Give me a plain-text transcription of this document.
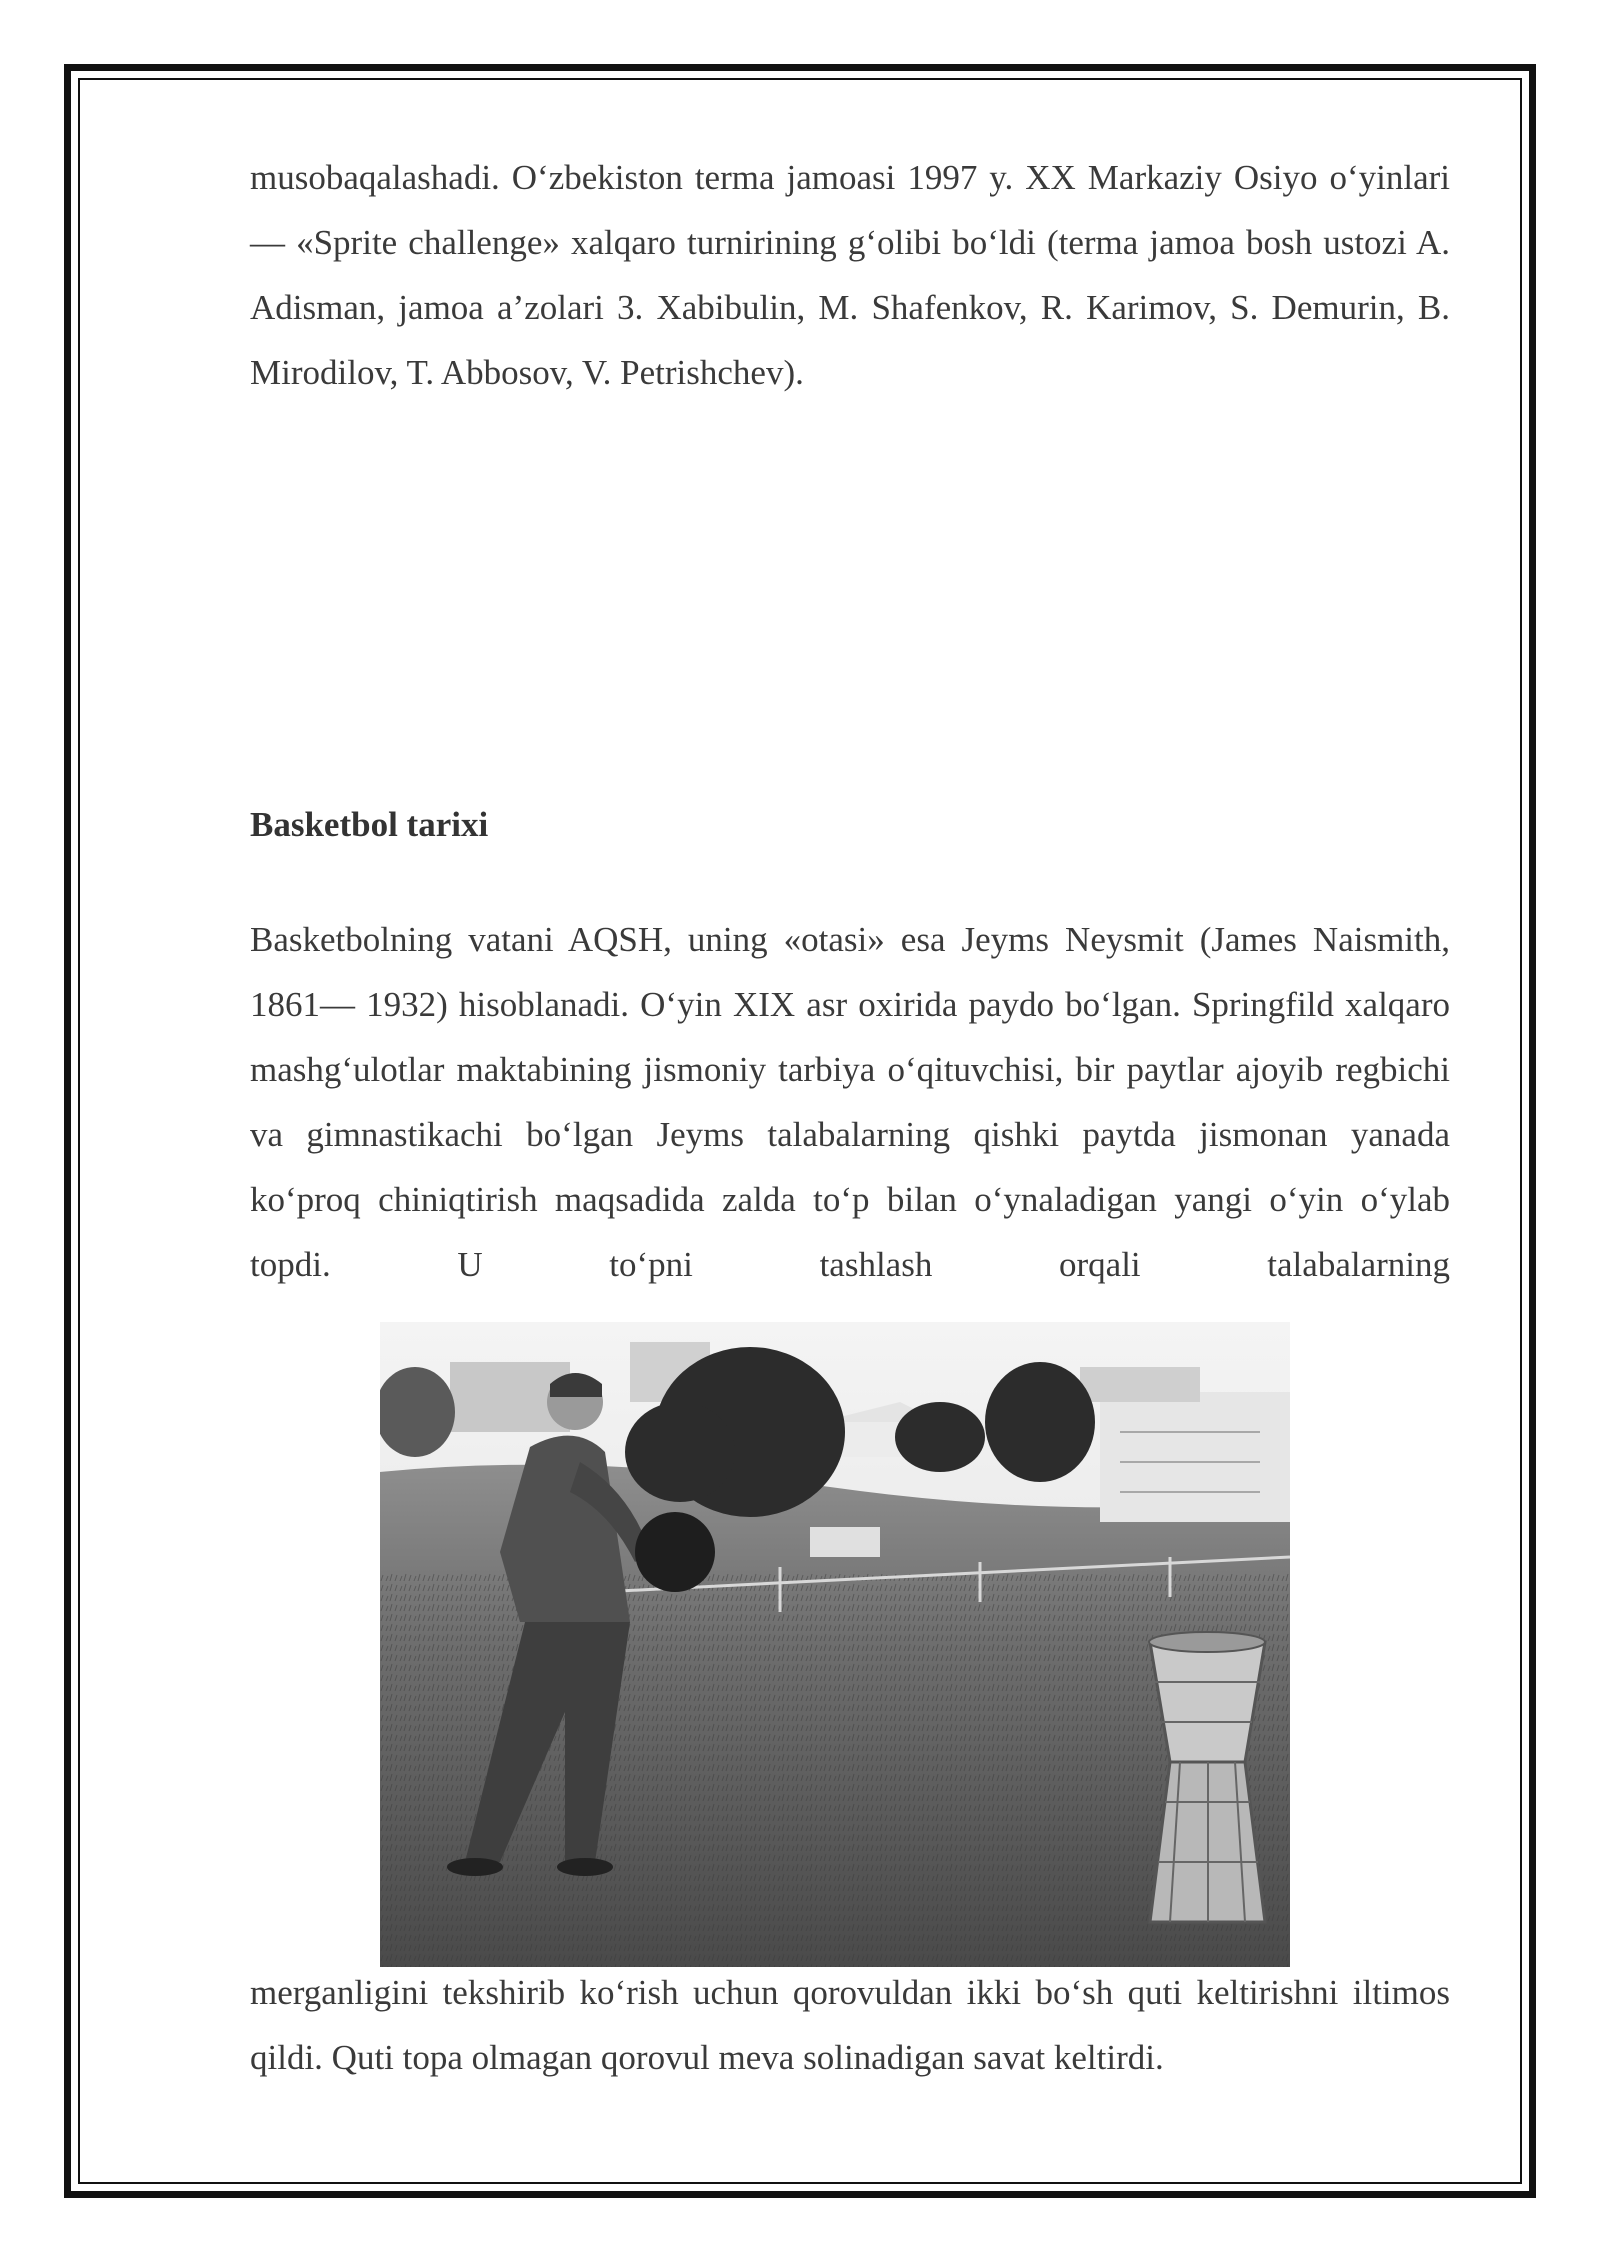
musobaqalashadi. O‘zbekiston terma jamoasi 1997 y. XX Markaziy Osiyo o‘yinlari — «Sprite challenge» xalqaro turnirining g‘olibi bo‘ldi (terma jamoa bosh ustozi A. Adisman, jamoa a’zolari 3. Xabibulin, M. Shafenkov, R. Karimov, S. Demurin, B. Mirodilov, T. Abbosov, V. Petrishchev).

Basketbol tarixi

Basketbolning vatani AQSH, uning «otasi» esa Jeyms Neysmit (James Naismith, 1861— 1932) hisoblanadi. O‘yin XIX asr oxirida paydo bo‘lgan. Springfild xalqaro mashg‘ulotlar maktabining jismoniy tarbiya o‘qituvchisi, bir paytlar ajoyib regbichi va gimnastikachi bo‘lgan Jeyms talabalarning qishki paytda jismonan yanada ko‘proq chiniqtirish maqsadida zalda to‘p bilan o‘ynaladigan yangi o‘yin o‘ylab topdi. U to‘pni tashlash orqali talabalarning

merganligini tekshirib ko‘rish uchun qorovuldan ikki bo‘sh quti keltirishni iltimos qildi. Quti topa olmagan qorovul meva solinadigan savat keltirdi.
